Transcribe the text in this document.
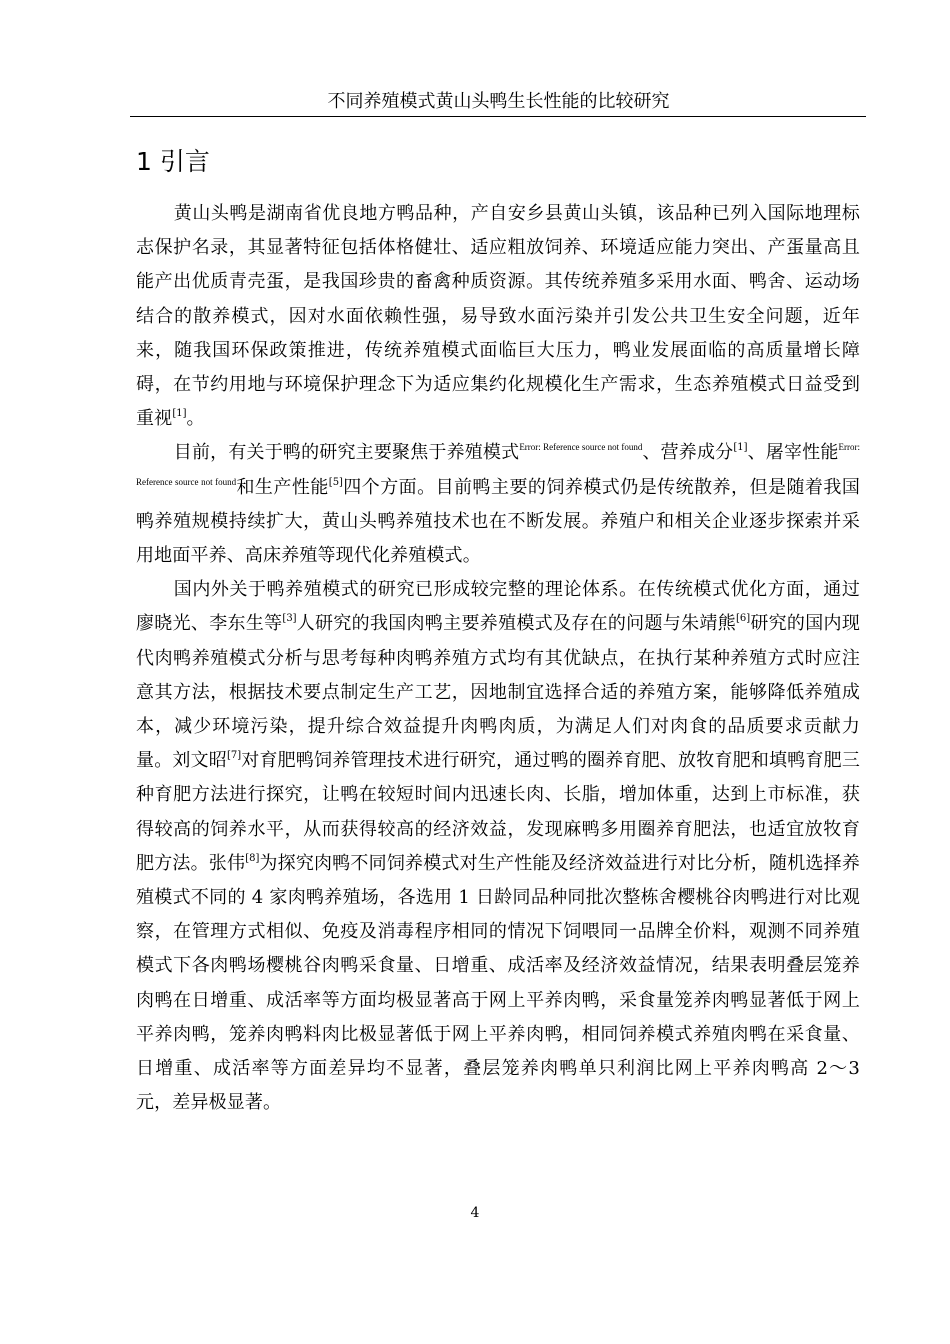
不同养殖模式黄山头鸭生长性能的比较研究
1 引言

黄山头鸭是湖南省优良地方鸭品种，产自安乡县黄山头镇，该品种已列入国际地理标志保护名录，其显著特征包括体格健壮、适应粗放饲养、环境适应能力突出、产蛋量高且能产出优质青壳蛋，是我国珍贵的畜禽种质资源。其传统养殖多采用水面、鸭舍、运动场结合的散养模式，因对水面依赖性强，易导致水面污染并引发公共卫生安全问题，近年来，随我国环保政策推进，传统养殖模式面临巨大压力，鸭业发展面临的高质量增长障碍，在节约用地与环境保护理念下为适应集约化规模化生产需求，生态养殖模式日益受到重视[1]。

目前，有关于鸭的研究主要聚焦于养殖模式$^{Error: Reference source not found}$、营养成分[1]、屠宰性能$^{Error: Reference source not found}$和生产性能[5]四个方面。目前鸭主要的饲养模式仍是传统散养，但是随着我国鸭养殖规模持续扩大，黄山头鸭养殖技术也在不断发展。养殖户和相关企业逐步探索并采用地面平养、高床养殖等现代化养殖模式。

国内外关于鸭养殖模式的研究已形成较完整的理论体系。在传统模式优化方面，通过廖晓光、李东生等[3]人研究的我国肉鸭主要养殖模式及存在的问题与朱靖熊[6]研究的国内现代肉鸭养殖模式分析与思考每种肉鸭养殖方式均有其优缺点，在执行某种养殖方式时应注意其方法，根据技术要点制定生产工艺，因地制宜选择合适的养殖方案，能够降低养殖成本，减少环境污染，提升综合效益提升肉鸭肉质，为满足人们对肉食的品质要求贡献力量。刘文昭[7]对育肥鸭饲养管理技术进行研究，通过鸭的圈养育肥、放牧育肥和填鸭育肥三种育肥方法进行探究，让鸭在较短时间内迅速长肉、长脂，增加体重，达到上市标准，获得较高的饲养水平，从而获得较高的经济效益，发现麻鸭多用圈养育肥法，也适宜放牧育肥方法。张伟[8]为探究肉鸭不同饲养模式对生产性能及经济效益进行对比分析，随机选择养殖模式不同的 4 家肉鸭养殖场，各选用 1 日龄同品种同批次整栋舍樱桃谷肉鸭进行对比观察，在管理方式相似、免疫及消毒程序相同的情况下饲喂同一品牌全价料，观测不同养殖模式下各肉鸭场樱桃谷肉鸭采食量、日增重、成活率及经济效益情况，结果表明叠层笼养肉鸭在日增重、成活率等方面均极显著高于网上平养肉鸭，采食量笼养肉鸭显著低于网上平养肉鸭，笼养肉鸭料肉比极显著低于网上平养肉鸭，相同饲养模式养殖肉鸭在采食量、日增重、成活率等方面差异均不显著，叠层笼养肉鸭单只利润比网上平养肉鸭高 2～3 元，差异极显著。

4
